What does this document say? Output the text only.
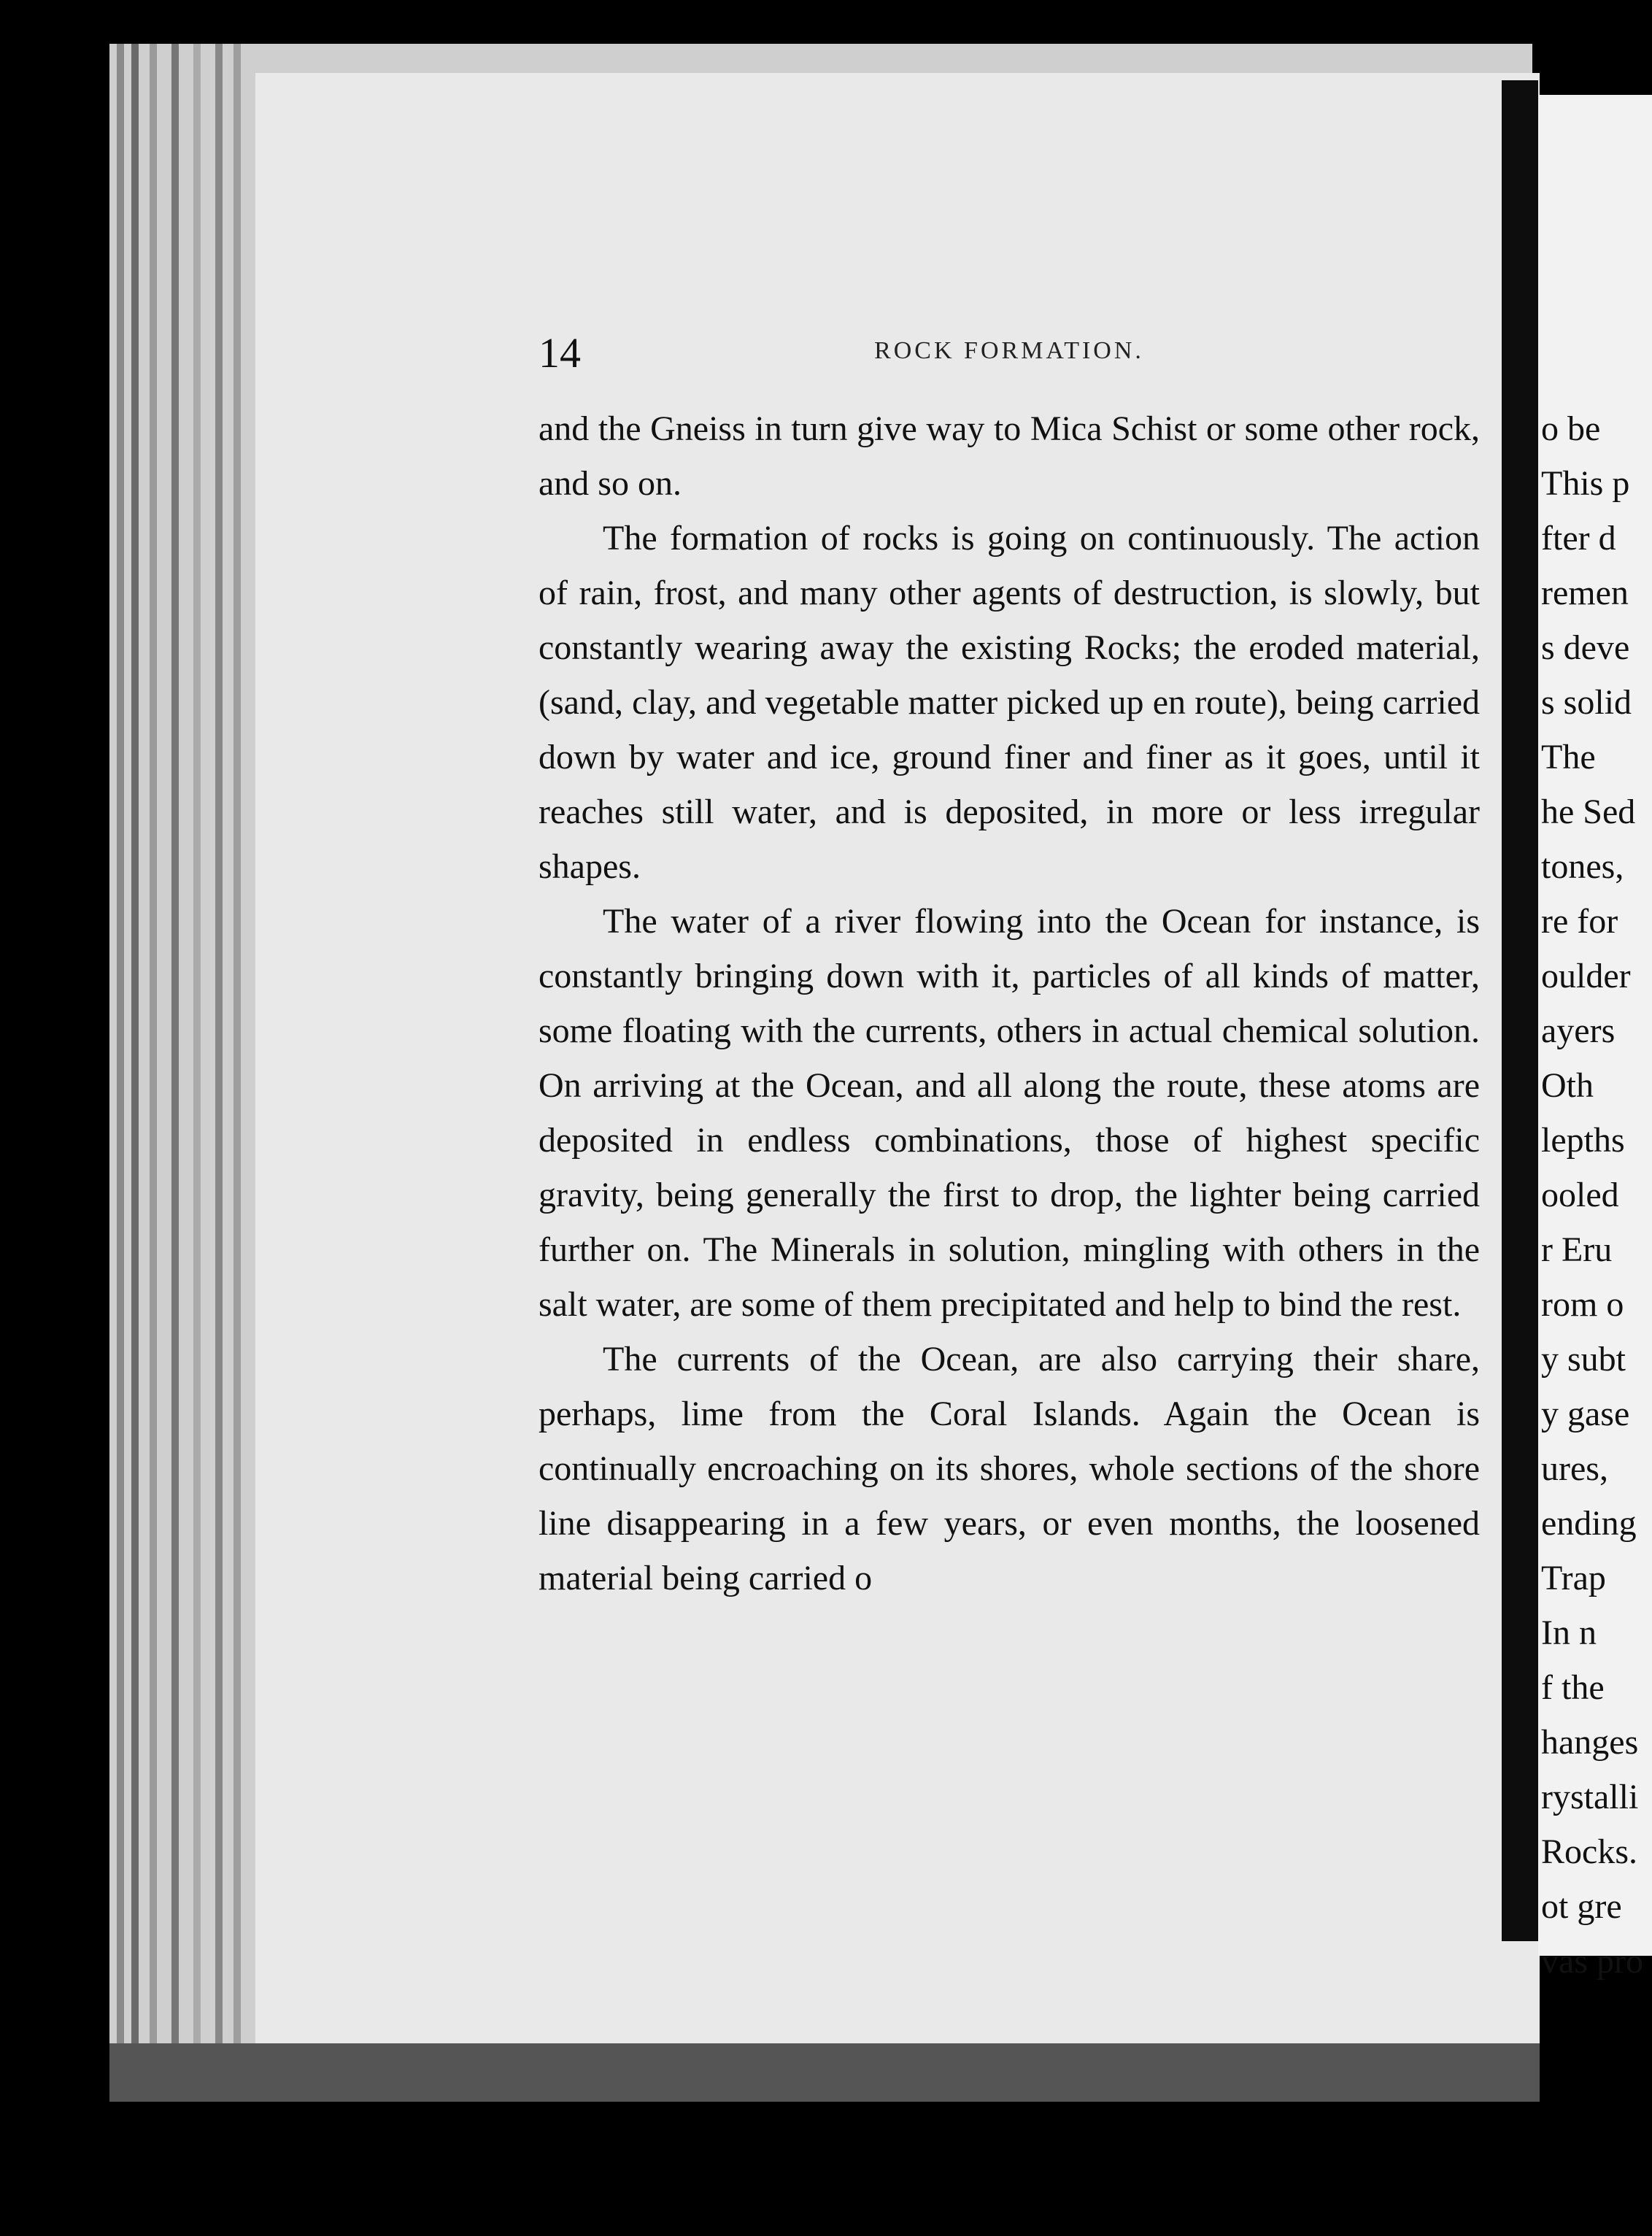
14	ROCK FORMATION.

and the Gneiss in turn give way to Mica Schist or some other rock, and so on.

The formation of rocks is going on continuously. The action of rain, frost, and many other agents of destruction, is slowly, but constantly wearing away the existing Rocks; the eroded material, (sand, clay, and vegetable matter picked up en route), being carried down by water and ice, ground finer and finer as it goes, until it reaches still water, and is deposited, in more or less irregular shapes.

The water of a river flowing into the Ocean for instance, is constantly bringing down with it, particles of all kinds of matter, some floating with the currents, others in actual chemical solution. On arriving at the Ocean, and all along the route, these atoms are deposited in endless combinations, those of highest specific gravity, being generally the first to drop, the lighter being carried further on. The Minerals in solution, mingling with others in the salt water, are some of them precipitated and help to bind the rest.

The currents of the Ocean, are also carrying their share, perhaps, lime from the Coral Islands. Again the Ocean is continually encroaching on its shores, whole sections of the shore line disappearing in a few years, or even months, the loosened material being carried o

o be
This p
fter d
remen
s deve
s solid
The
he Sed
tones,
re for
oulder
ayers
Oth
lepths
ooled
r Eru
rom o
y subt
y gase
ures,
ending
Trap
In n
f the
hanges
rystalli
Rocks.
ot gre
vas pro
